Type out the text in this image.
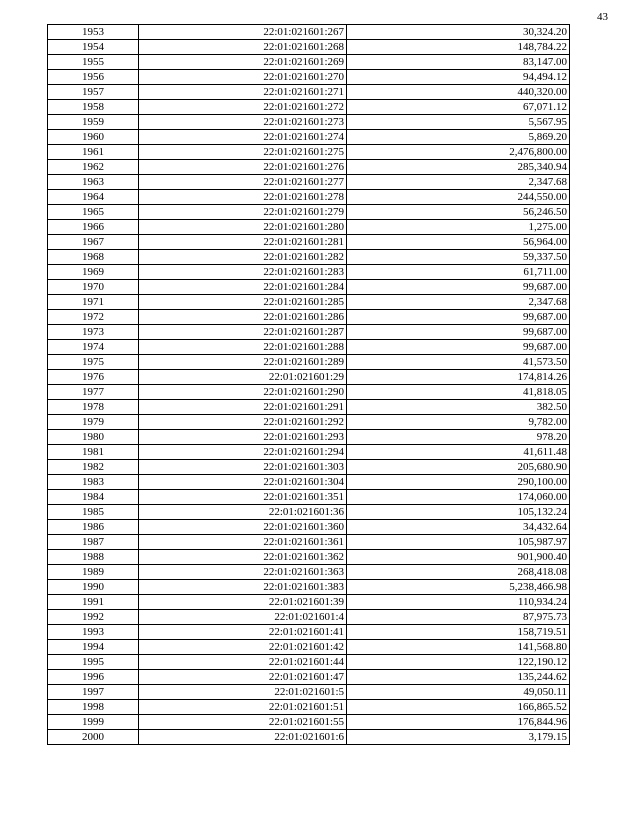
43
1953	22:01:021601:267	30,324.20
1954	22:01:021601:268	148,784.22
1955	22:01:021601:269	83,147.00
1956	22:01:021601:270	94,494.12
1957	22:01:021601:271	440,320.00
1958	22:01:021601:272	67,071.12
1959	22:01:021601:273	5,567.95
1960	22:01:021601:274	5,869.20
1961	22:01:021601:275	2,476,800.00
1962	22:01:021601:276	285,340.94
1963	22:01:021601:277	2,347.68
1964	22:01:021601:278	244,550.00
1965	22:01:021601:279	56,246.50
1966	22:01:021601:280	1,275.00
1967	22:01:021601:281	56,964.00
1968	22:01:021601:282	59,337.50
1969	22:01:021601:283	61,711.00
1970	22:01:021601:284	99,687.00
1971	22:01:021601:285	2,347.68
1972	22:01:021601:286	99,687.00
1973	22:01:021601:287	99,687.00
1974	22:01:021601:288	99,687.00
1975	22:01:021601:289	41,573.50
1976	22:01:021601:29	174,814.26
1977	22:01:021601:290	41,818.05
1978	22:01:021601:291	382.50
1979	22:01:021601:292	9,782.00
1980	22:01:021601:293	978.20
1981	22:01:021601:294	41,611.48
1982	22:01:021601:303	205,680.90
1983	22:01:021601:304	290,100.00
1984	22:01:021601:351	174,060.00
1985	22:01:021601:36	105,132.24
1986	22:01:021601:360	34,432.64
1987	22:01:021601:361	105,987.97
1988	22:01:021601:362	901,900.40
1989	22:01:021601:363	268,418.08
1990	22:01:021601:383	5,238,466.98
1991	22:01:021601:39	110,934.24
1992	22:01:021601:4	87,975.73
1993	22:01:021601:41	158,719.51
1994	22:01:021601:42	141,568.80
1995	22:01:021601:44	122,190.12
1996	22:01:021601:47	135,244.62
1997	22:01:021601:5	49,050.11
1998	22:01:021601:51	166,865.52
1999	22:01:021601:55	176,844.96
2000	22:01:021601:6	3,179.15
